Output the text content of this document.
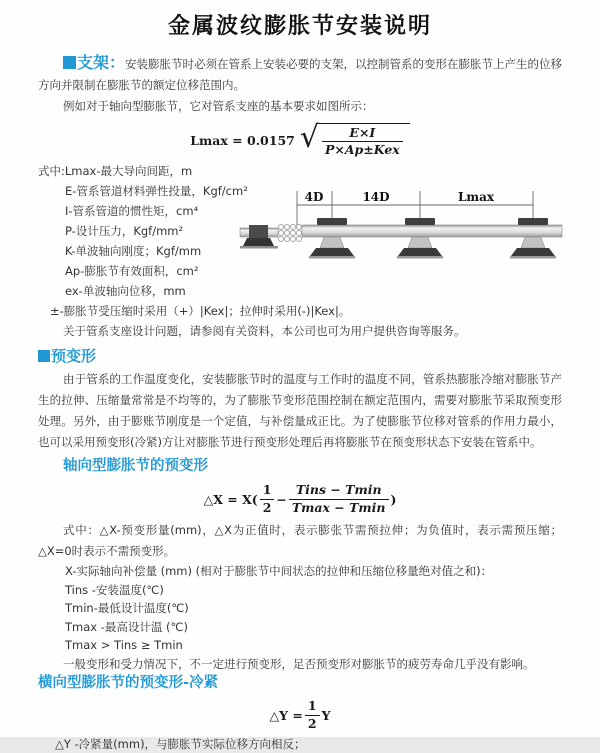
金属波纹膨胀节安装说明

支架：安装膨胀节时必须在管系上安装必要的支架，以控制管系的变形在膨胀节上产生的位移方向并限制在膨胀节的额定位移范围内。

例如对于轴向型膨胀节，它对管系支座的基本要求如图所示：

Lmax = 0.0157 √ $\frac{E\times I}{\text{P×Ap±Kex}}$
式中:Lmax-最大导向间距，m
E-管系管道材料弹性投量，Kgf/cm²
I-管系管道的惯性矩，cm⁴
P-设计压力，Kgf/mm²
K-单波轴向刚度；Kgf/mm
Ap-膨胀节有效面积，cm²
ex-单波轴向位移，mm
±-膨胀节受压缩时采用（+）|Kex|；拉伸时采用(-)|Kex|。
关于管系支座设计问题，请参阅有关资料，本公司也可为用户提供咨询等服务。
4D	14D	Lmax
预变形

由于管系的工作温度变化，安装膨胀节时的温度与工作时的温度不同，管系热膨胀冷缩对膨胀节产生的拉伸、压缩量常常是不均等的，为了膨胀节变形范围控制在额定范围内，需要对膨胀节采取预变形处理。另外，由于膨账节刚度是一个定值，与补偿量成正比。为了使膨胀节位移对管系的作用力最小，也可以采用预变形(冷紧)方让对膨胀节进行预变形处理后再将膨胀节在预变形状态下安装在管系中。

轴向型膨胀节的预变形
△X = $X( \frac{1}{2} - \frac{\text{Tins − Tmin}}{Tmax - Tmin}$ )

式中：△X-预变形量(mm)，△X为正值时，表示膨张节需预拉伸；为负值时，表示需预压缩；△X=0时表示不需预变形。

X-实际轴向补偿量 (mm) (相对于膨胀节中间状态的拉伸和压缩位移量绝对值之和)：
Tins -安装温度(℃)
Tmin-最低设计温度(℃)
Tmax -最高设计温 (℃)
Tmax > Tins ≥ Tmin
一般变形和受力情况下，不一定进行预变形，足否预变形对膨胀节的疲劳寿命几乎没有影响。
横向型膨胀节的预变形-冷紧
△Y = $\frac{1}{2}$ Y
△Y -冷紧量(mm)，与膨胀节实际位移方向相反；
